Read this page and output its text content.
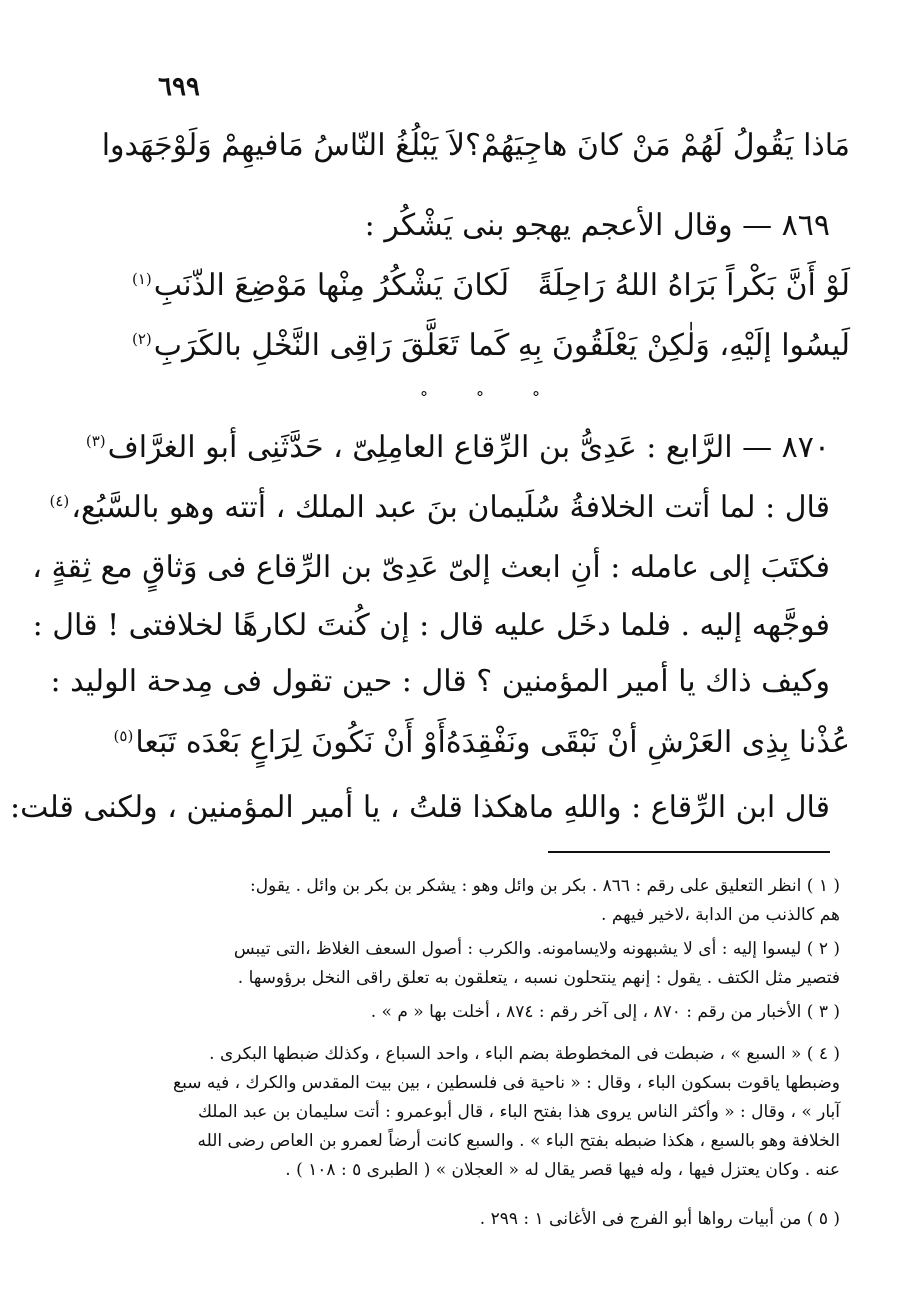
٦٩٩
مَاذا يَقُولُ لَهُمْ مَنْ كانَ هاجِيَهُمْ؟
لاَ يَبْلُغُ النّاسُ مَافيهِمْ وَلَوْجَهَدوا
٨٦٩ — وقال الأعجم يهجو بنى يَشْكُر :
لَوْ أَنَّ بَكْراً بَرَاهُ اللهُ رَاحِلَةً
لَكانَ يَشْكُرُ مِنْها مَوْضِعَ الذّنَبِ$^{(١)}$
لَيسُوا إلَيْهِ، وَلٰكِنْ يَعْلَقُونَ بِهِ
كَما تَعَلَّقَ رَاقِى النَّخْلِ بالكَرَبِ$^{(٢)}$
°	°	°
٨٧٠ — الرَّابع : عَدِىُّ بن الرِّقاع العامِلِىّ ، حَدَّثَنِى أبو الغرَّاف$^{(٣)}$
قال : لما أتت الخلافةُ سُلَيمان بنَ عبد الملك ، أتته وهو بالسَّبُع،$^{(٤)}$
فكتَبَ إلى عامله : أنِ ابعث إلىّ عَدِىّ بن الرِّقاع فى وَثاقٍ مع ثِقةٍ ،
فوجَّهه إليه . فلما دخَل عليه قال : إن كُنتَ لكارهًا لخلافتى ! قال :
وكيف ذاك يا أمير المؤمنين ؟ قال : حين تقول فى مِدحة الوليد :
عُذْنا بِذِى العَرْشِ أنْ نَبْقَى ونَفْقِدَهُ
أَوْ أَنْ نَكُونَ لِرَاعٍ بَعْدَه تَبَعا$^{(٥)}$
قال ابن الرِّقاع : واللهِ ماهكذا قلتُ ، يا أمير المؤمنين ، ولكنى قلت:
( ١ ) انظر التعليق على رقم : ٨٦٦ . بكر بن وائل وهو : يشكر بن بكر بن وائل . يقول:
هم كالذنب من الدابة ،لاخير فيهم .
( ٢ ) ليسوا إليه : أى لا يشبهونه ولايسامونه. والكرب : أصول السعف الغلاظ ،التى تيبس
فتصير مثل الكتف . يقول : إنهم ينتحلون نسبه ، يتعلقون به تعلق راقى النخل برؤوسها .
( ٣ ) الأخبار من رقم : ٨٧٠ ، إلى آخر رقم : ٨٧٤ ، أخلت بها « م » .
( ٤ ) « السبع » ، ضبطت فى المخطوطة بضم الباء ، واحد السباع ، وكذلك ضبطها البكرى .
وضبطها ياقوت بسكون الباء ، وقال : « ناحية فى فلسطين ، بين بيت المقدس والكرك ، فيه سبع
آبار » ، وقال : « وأكثر الناس يروى هذا بفتح الباء ، قال أبوعمرو : أتت سليمان بن عبد الملك
الخلافة وهو بالسبع ، هكذا ضبطه بفتح الباء » . والسبع كانت أرضاً لعمرو بن العاص رضى الله
عنه . وكان يعتزل فيها ، وله فيها قصر يقال له « العجلان » ( الطبرى ٥ : ١٠٨ ) .
( ٥ ) من أبيات رواها أبو الفرج فى الأغانى ١ : ٢٩٩ .
